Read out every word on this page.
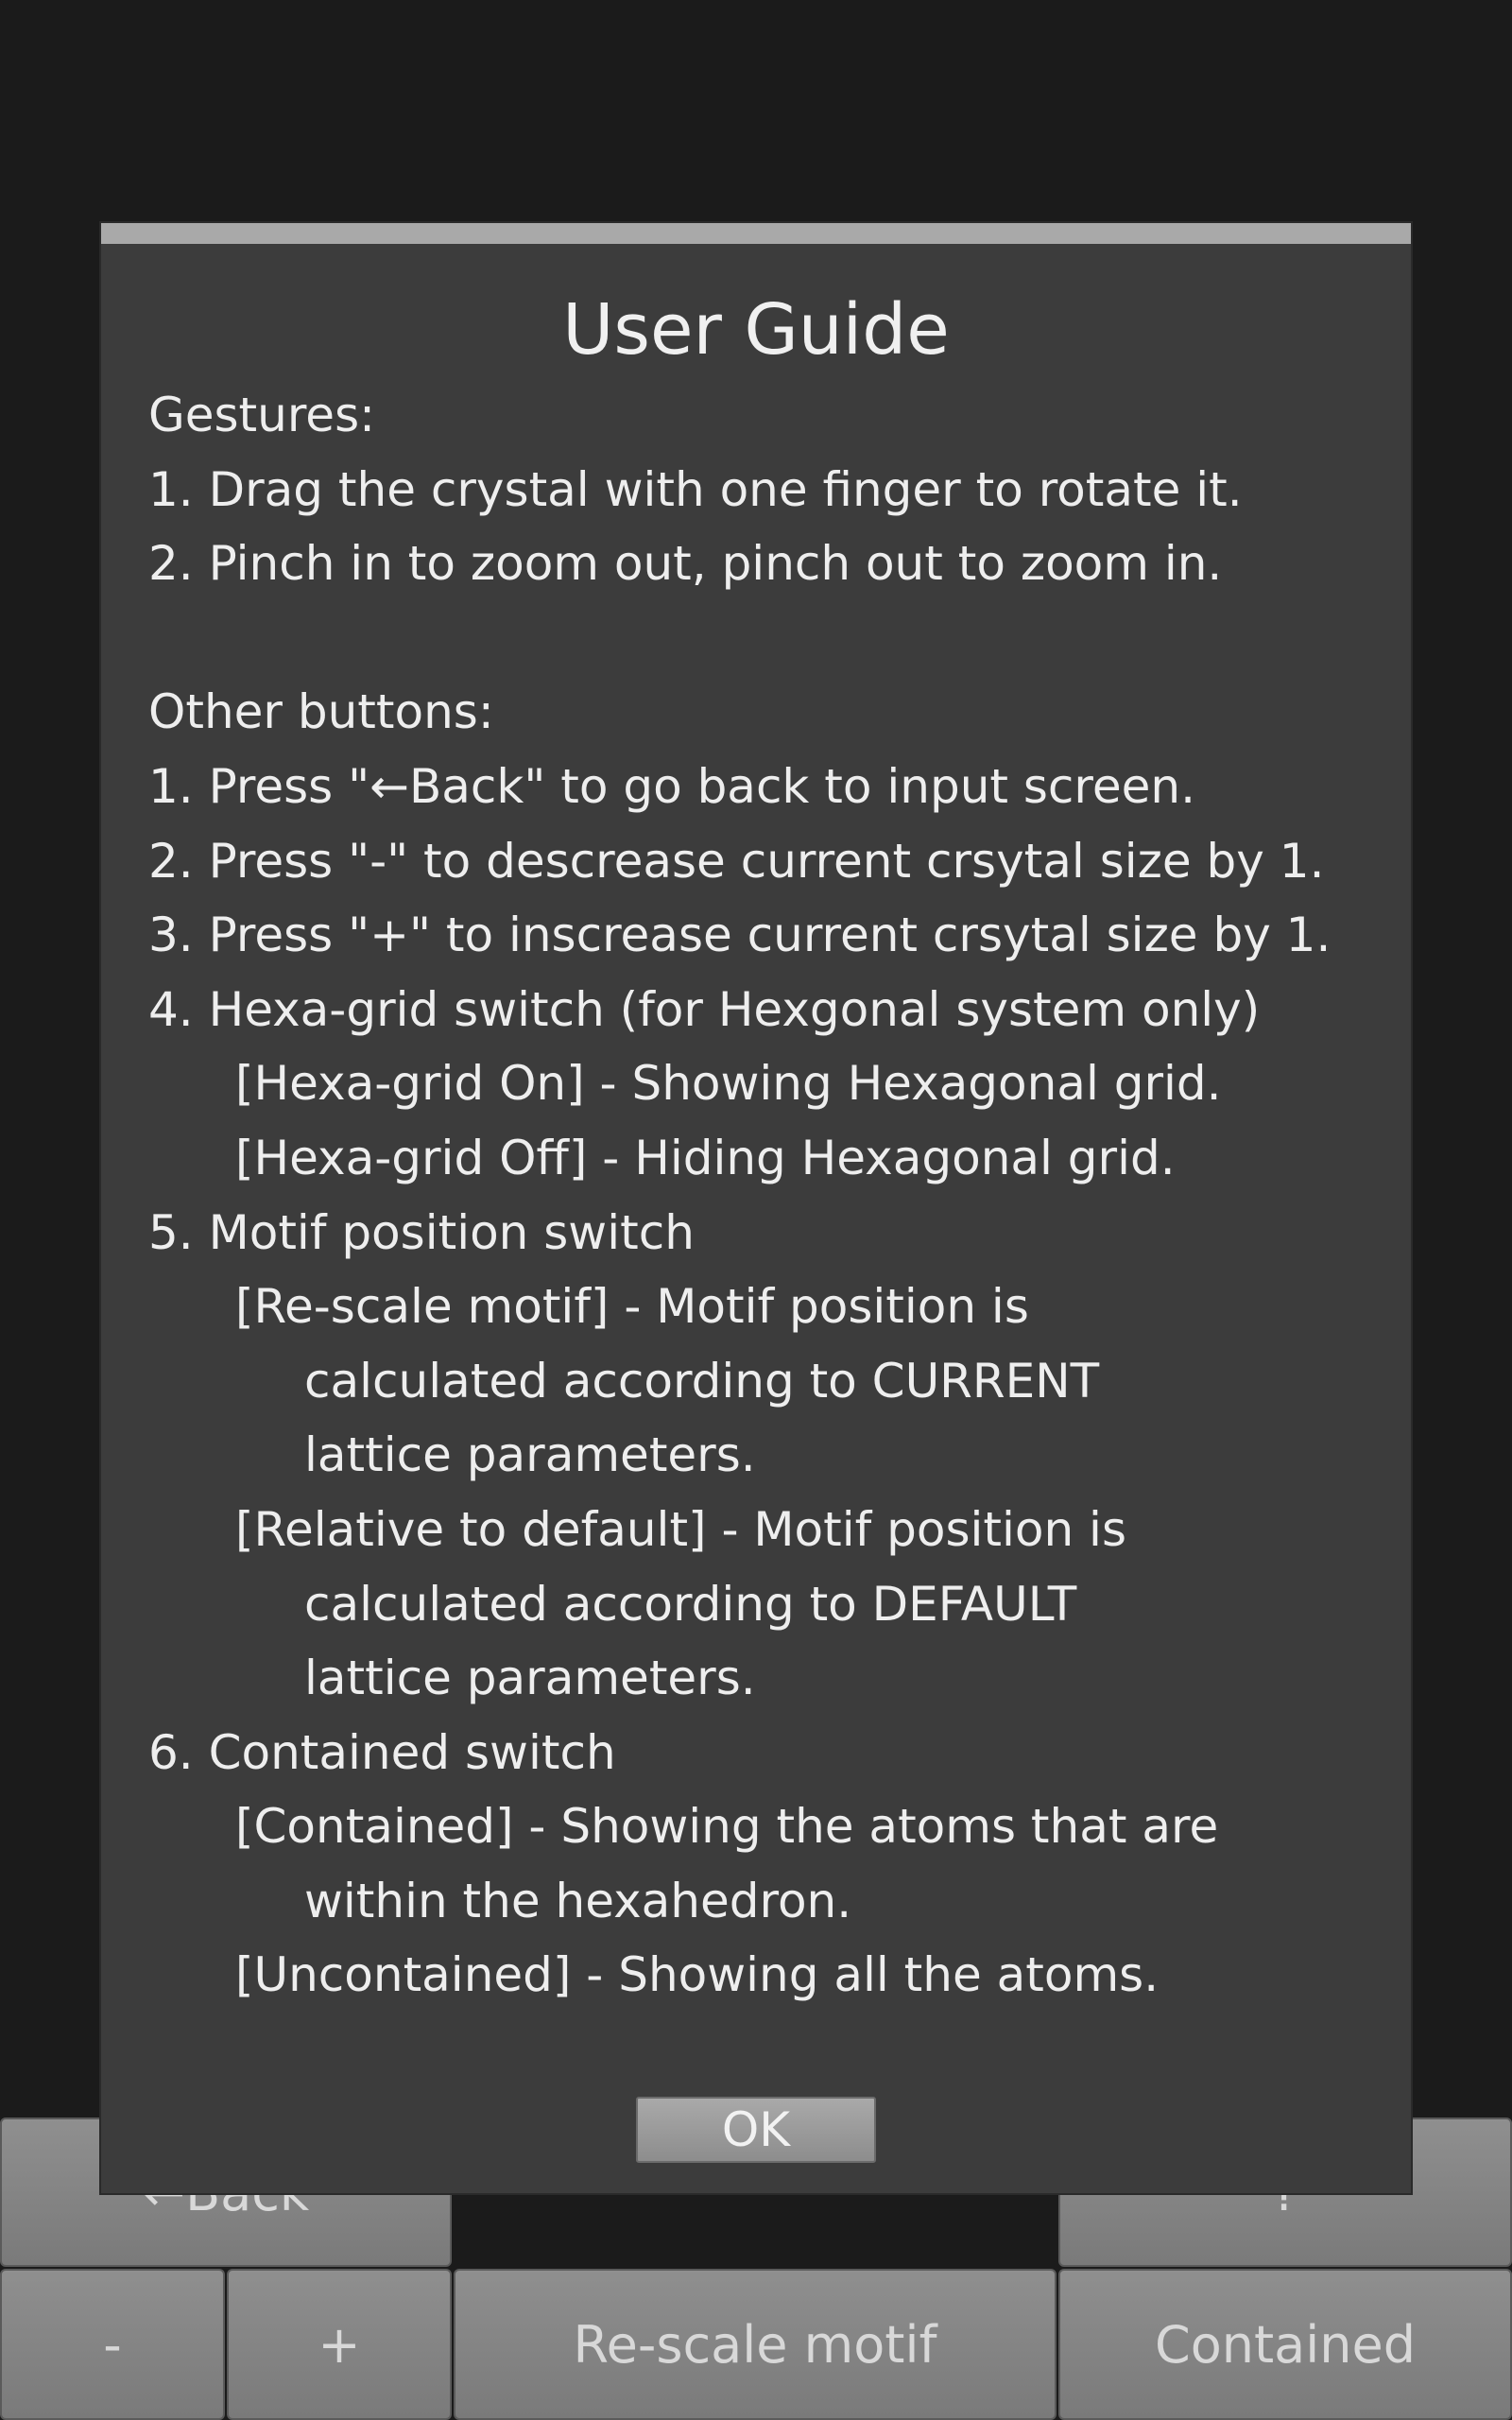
-	+	Re-scale motif	Contained
User Guide
Gestures:
1. Drag the crystal with one finger to rotate it.
2. Pinch in to zoom out, pinch out to zoom in.
Other buttons:
1. Press "←Back" to go back to input screen.
2. Press "-" to descrease current crsytal size by 1.
3. Press "+" to inscrease current crsytal size by 1.
4. Hexa-grid switch (for Hexgonal system only)
[Hexa-grid On] - Showing Hexagonal grid.
[Hexa-grid Off] - Hiding Hexagonal grid.
5. Motif position switch
[Re-scale motif] - Motif position is
calculated according to CURRENT
lattice parameters.
[Relative to default] - Motif position is
calculated according to DEFAULT
lattice parameters.
6. Contained switch
[Contained] - Showing the atoms that are
within the hexahedron.
[Uncontained] - Showing all the atoms.
OK
